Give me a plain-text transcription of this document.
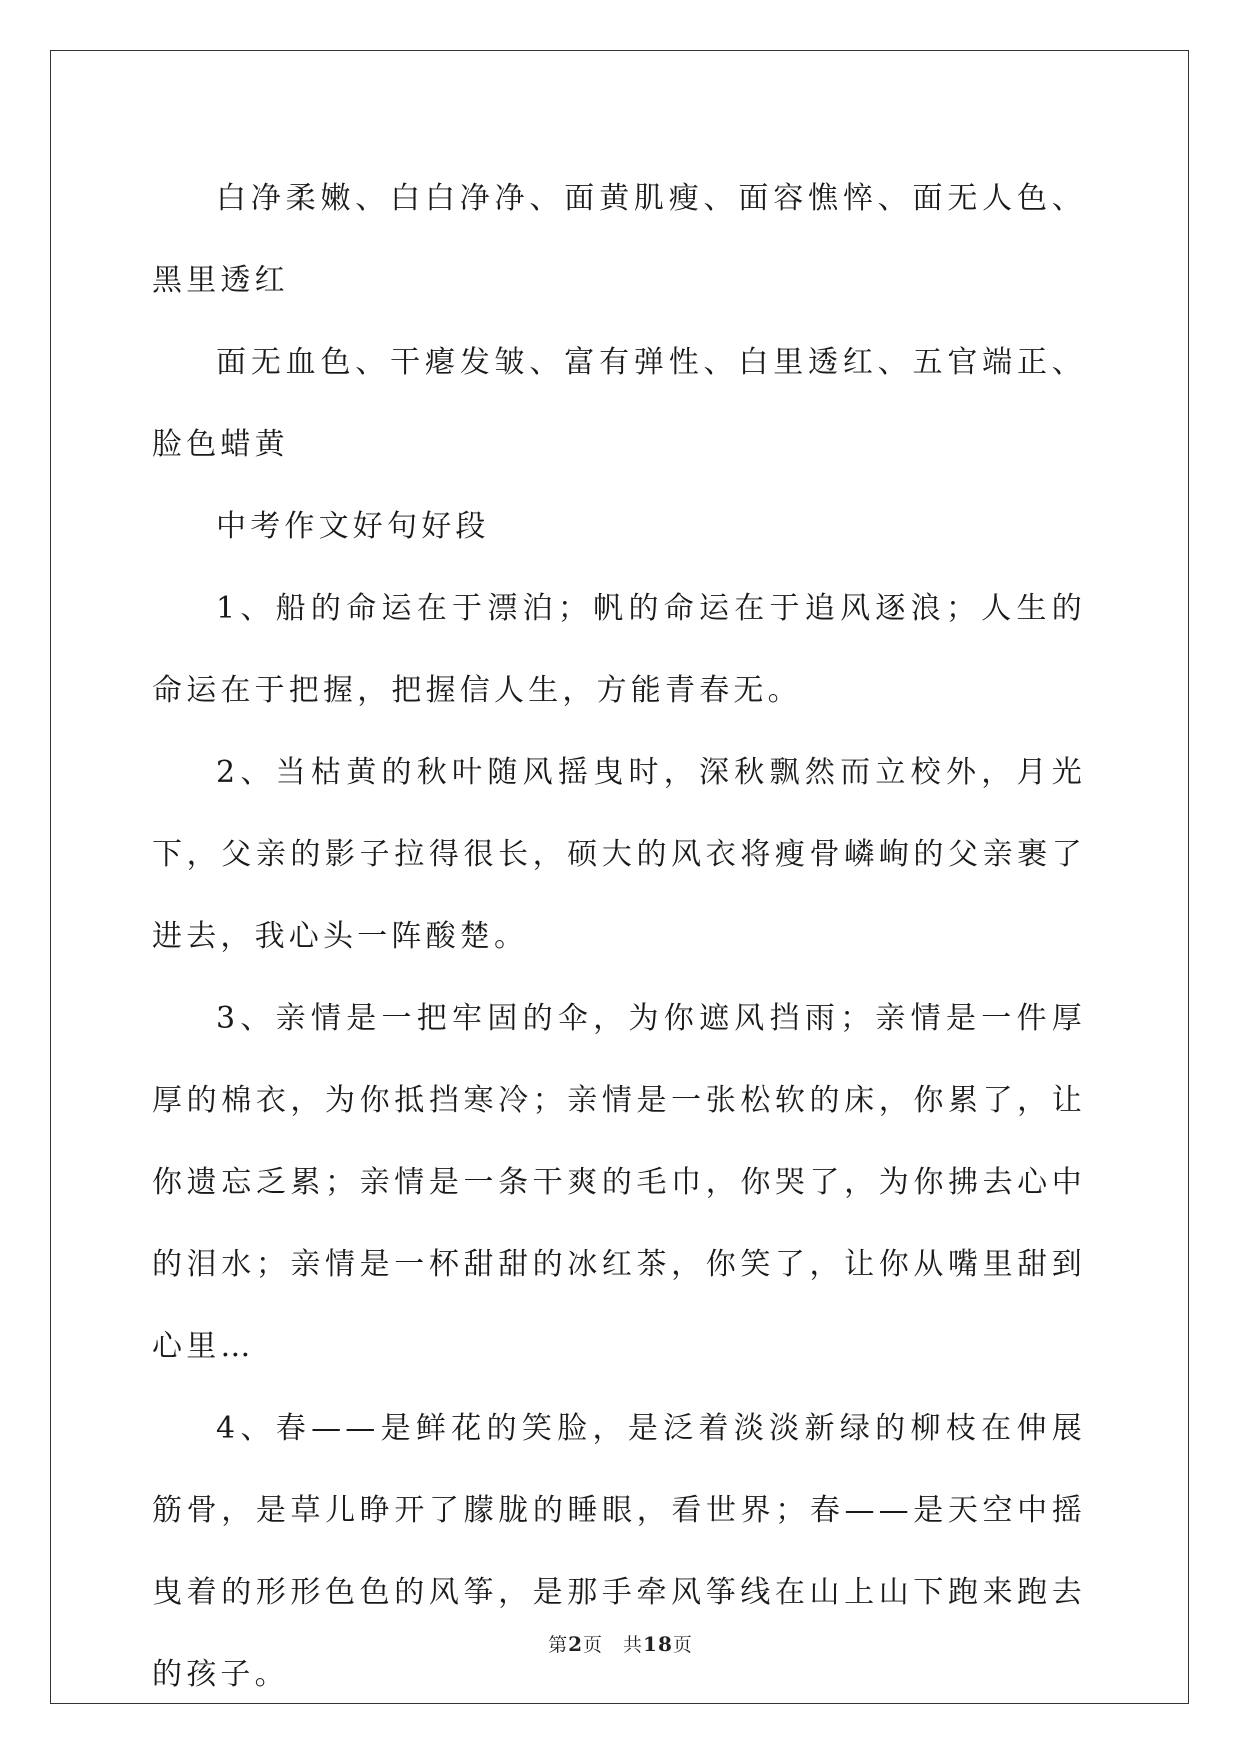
白净柔嫩、白白净净、面黄肌瘦、面容憔悴、面无人色、黑里透红

面无血色、干瘪发皱、富有弹性、白里透红、五官端正、脸色蜡黄

中考作文好句好段

1、船的命运在于漂泊；帆的命运在于追风逐浪；人生的命运在于把握，把握信人生，方能青春无。

2、当枯黄的秋叶随风摇曳时，深秋飘然而立校外，月光下，父亲的影子拉得很长，硕大的风衣将瘦骨嶙峋的父亲裹了进去，我心头一阵酸楚。

3、亲情是一把牢固的伞，为你遮风挡雨；亲情是一件厚厚的棉衣，为你抵挡寒冷；亲情是一张松软的床，你累了，让你遗忘乏累；亲情是一条干爽的毛巾，你哭了，为你拂去心中的泪水；亲情是一杯甜甜的冰红茶，你笑了，让你从嘴里甜到心里…

4、春——是鲜花的笑脸，是泛着淡淡新绿的柳枝在伸展筋骨，是草儿睁开了朦胧的睡眼，看世界；春——是天空中摇曳着的形形色色的风筝，是那手牵风筝线在山上山下跑来跑去的孩子。

第2页 共18页
